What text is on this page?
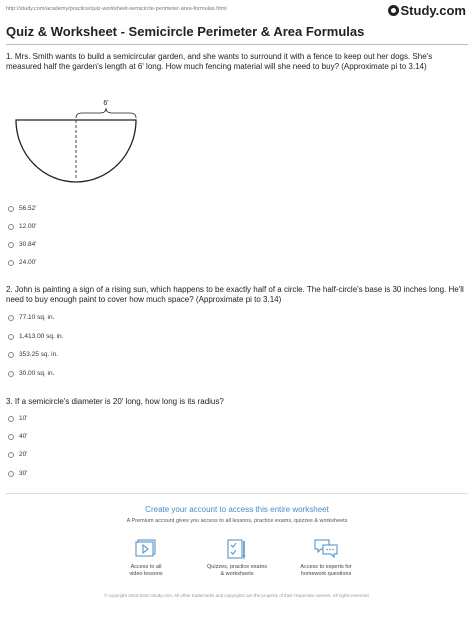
http://study.com/academy/practice/quiz-worksheet-semicircle-perimeter-area-formulas.html	Study.com
Quiz & Worksheet - Semicircle Perimeter & Area Formulas
1. Mrs. Smith wants to build a semicircular garden, and she wants to surround it with a fence to keep out her dogs. She's measured half the garden's length at 6' long. How much fencing material will she need to buy? (Approximate pi to 3.14)
6'
56.52'
12.00'
30.84'
24.00'
2. John is painting a sign of a rising sun, which happens to be exactly half of a circle. The half-circle's base is 30 inches long. He'll need to buy enough paint to cover how much space? (Approximate pi to 3.14)
77.10 sq. in.
1,413.00 sq. in.
353.25 sq. in.
30.00 sq. in.
3. If a semicircle's diameter is 20' long, how long is its radius?
10'
40'
20'
30'
Create your account to access this entire worksheet
A Premium account gives you access to all lessons, practice exams, quizzes & worksheets
Access to all
video lessons
Quizzes, practice exams
& worksheets
Access to experts for
homework questions
© copyright 2003-2020 Study.com. All other trademarks and copyrights are the property of their respective owners. All rights reserved.
